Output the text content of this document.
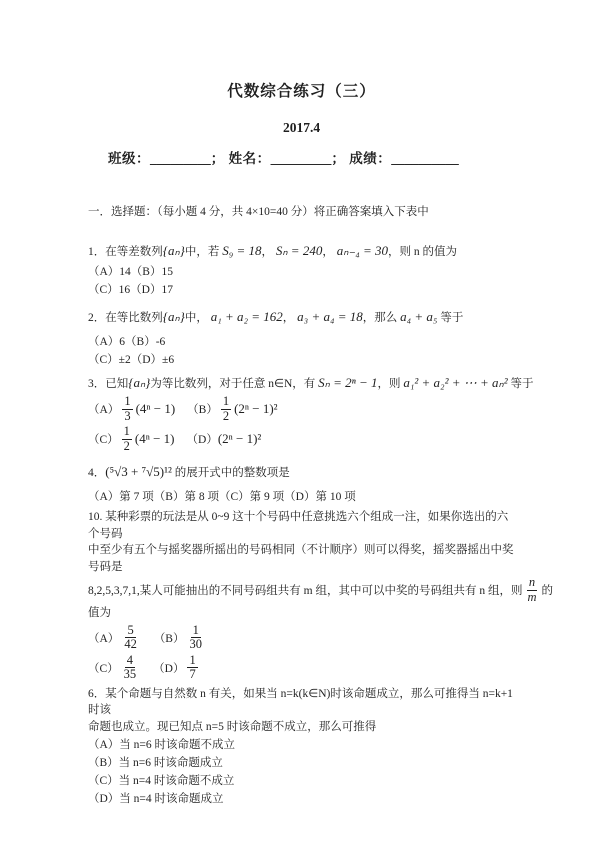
代数综合练习（三）
2017.4
班级：_________； 姓名：_________； 成绩：__________
一．选择题：（每小题 4 分，共 4×10=40 分）将正确答案填入下表中

1．在等差数列{aₙ}中，若 S₉ = 18， Sₙ = 240， aₙ₋₄ = 30，则 n 的值为

（A）14（B）15

（C）16（D）17

2．在等比数列{aₙ}中， a₁ + a₂ = 162， a₃ + a₄ = 18，那么 a₄ + a₅ 等于

（A）6（B）-6

（C）±2（D）±6

3．已知{aₙ}为等比数列，对于任意 n∈N，有 Sₙ = 2ⁿ − 1，则 a₁² + a₂² + ⋯ + aₙ² 等于

$(A) \frac{1}{3} (4^n - 1)$ $(B) \frac{1}{2} (2^n - 1)^2$
$(C) \frac{1}{2} (4^n - 1)$ （D） (2ⁿ − 1)²

4．(⁵√3 + ⁷√5)¹² 的展开式中的整数项是

（A）第 7 项（B）第 8 项（C）第 9 项（D）第 10 项

10. 某种彩票的玩法是从 0~9 这十个号码中任意挑选六个组成一注，如果你选出的六个号码

中至少有五个与摇奖器所摇出的号码相同（不计顺序）则可以得奖，摇奖器摇出中奖号码是

8,2,5,3,7,1,某人可能抽出的不同号码组共有 m 组，其中可以中奖的号码组共有 n 组，则 $\frac{n}{m}$ 的

值为

$(A) \frac{5}{42} (B) \frac{1}{30}$
$(C) \frac{4}{35} (D) \frac{1}{7}$

6．某个命题与自然数 n 有关，如果当 n=k(k∈N)时该命题成立，那么可推得当 n=k+1 时该

命题也成立。现已知点 n=5 时该命题不成立，那么可推得

（A）当 n=6 时该命题不成立

（B）当 n=6 时该命题成立

（C）当 n=4 时该命题不成立

（D）当 n=4 时该命题成立
